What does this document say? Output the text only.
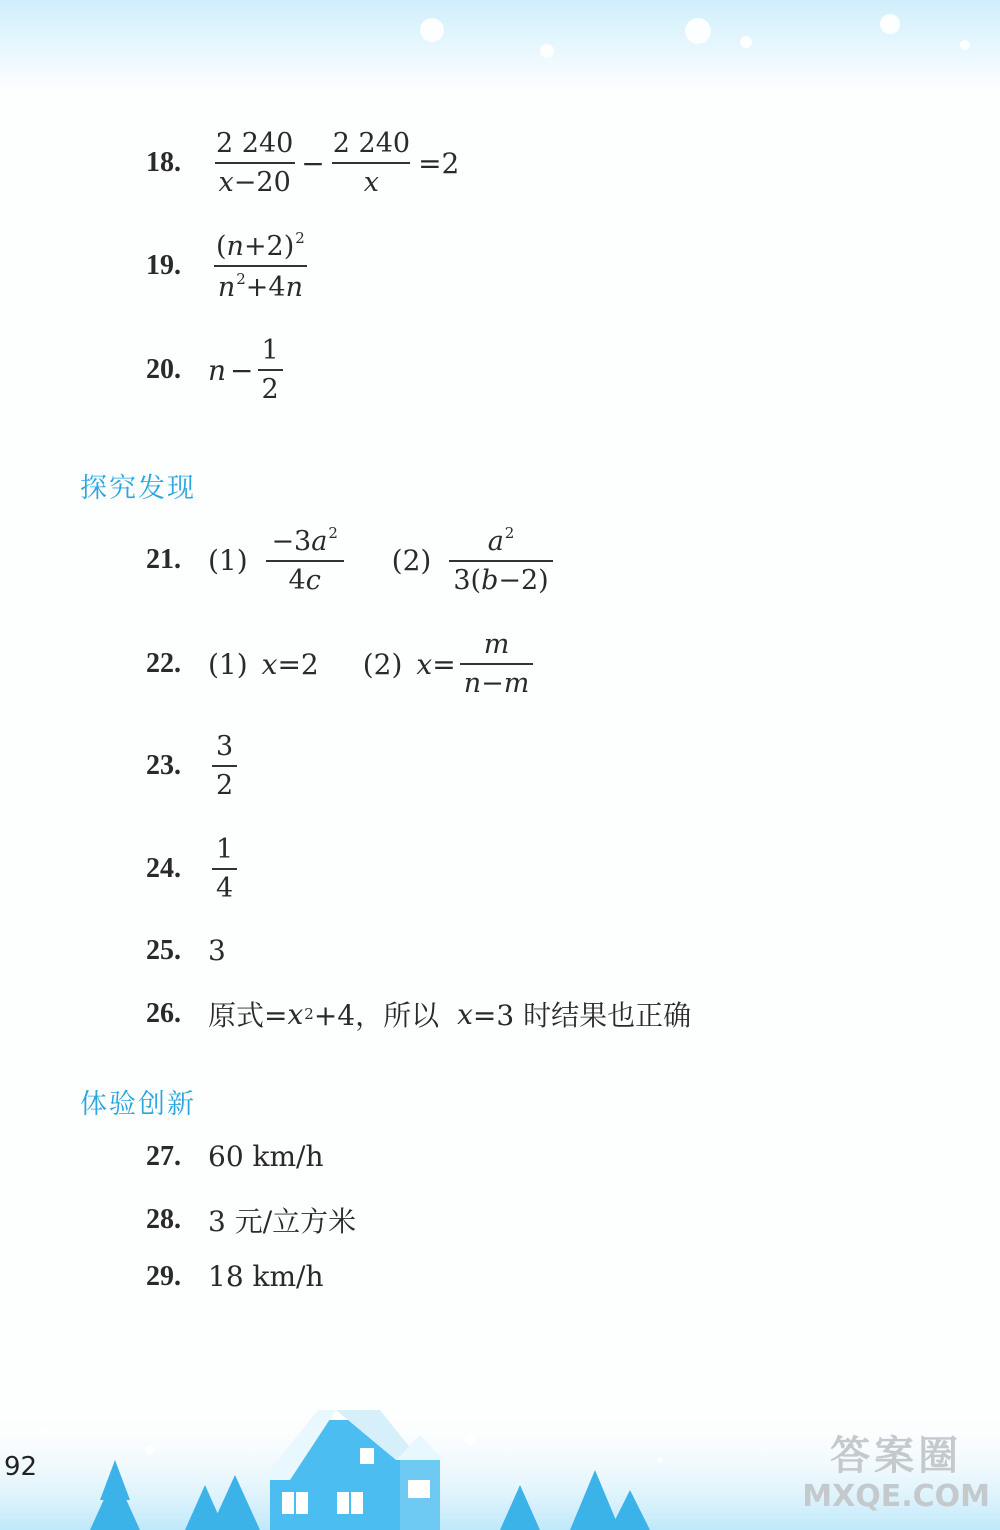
18.	$\frac{2 240}{x-20} - \frac{2 240}{x} =2$
19.	$\frac{(n+2)^2}{n^2+4n}$
20. $n - \frac{1}{2}$
探究发现
21. $(1) \frac{-3a^2}{4c} (2) \frac{a^2}{3(b-2)}$
22. (1) x =2 (2) $x = \frac{m}{n-m}$
23.	$\frac{3}{2}$
24.	$\frac{1}{4}$
25. 3
26. 原式= x 2 +4，所以 x =3 时结果也正确
体验创新
27. 60 km/h
28. 3 元/立方米
29. 18 km/h
92	答案圈
MXQE.COM
